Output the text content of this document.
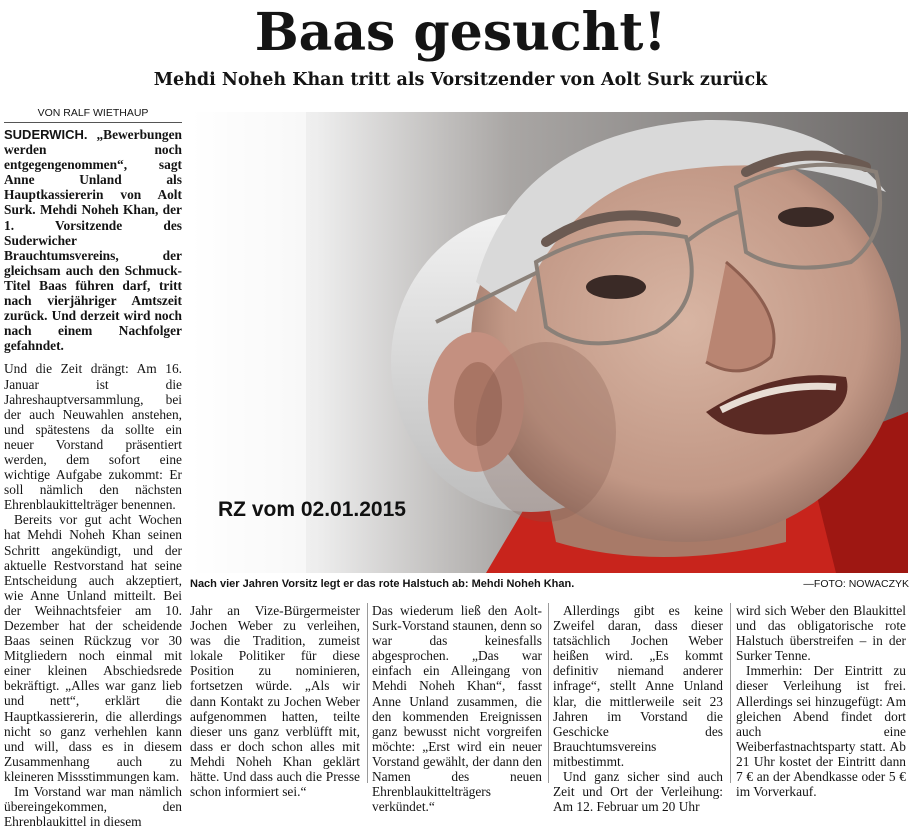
Baas gesucht!
Mehdi Noheh Khan tritt als Vorsitzender von Aolt Surk zurück
VON RALF WIETHAUP

SUDERWICH. „Bewerbungen werden noch entgegengenommen“, sagt Anne Unland als Hauptkassiererin von Aolt Surk. Mehdi Noheh Khan, der 1. Vorsitzende des Suderwicher Brauchtumsvereins, der gleichsam auch den Schmuck-Titel Baas führen darf, tritt nach vierjähriger Amtszeit zurück. Und derzeit wird noch nach einem Nachfolger gefahndet.

Und die Zeit drängt: Am 16. Januar ist die Jahreshauptversammlung, bei der auch Neuwahlen anstehen, und spätestens da sollte ein neuer Vorstand präsentiert werden, dem sofort eine wichtige Aufgabe zukommt: Er soll nämlich den nächsten Ehrenblaukittelträger benennen.

Bereits vor gut acht Wochen hat Mehdi Noheh Khan seinen Schritt angekündigt, und der aktuelle Restvorstand hat seine Entscheidung auch akzeptiert, wie Anne Unland mitteilt. Bei der Weihnachtsfeier am 10. Dezember hat der scheidende Baas seinen Rückzug vor 30 Mitgliedern noch einmal mit einer kleinen Abschiedsrede bekräftigt. „Alles war ganz lieb und nett“, erklärt die Hauptkassiererin, die allerdings nicht so ganz verhehlen kann und will, dass es in diesem Zusammenhang auch zu kleineren Missstimmungen kam.

Im Vorstand war man nämlich übereingekommen, den Ehrenblaukittel in diesem

RZ vom 02.01.2015
Nach vier Jahren Vorsitz legt er das rote Halstuch ab: Mehdi Noheh Khan.	—FOTO: NOWACZYK

Jahr an Vize-Bürgermeister Jochen Weber zu verleihen, was die Tradition, zumeist lokale Politiker für diese Position zu nominieren, fortsetzen würde. „Als wir dann Kontakt zu Jochen Weber aufgenommen hatten, teilte dieser uns ganz verblüfft mit, dass er doch schon alles mit Mehdi Noheh Khan geklärt hätte. Und dass auch die Presse schon informiert sei.“

Das wiederum ließ den Aolt-Surk-Vorstand staunen, denn so war das keinesfalls abgesprochen. „Das war einfach ein Alleingang von Mehdi Noheh Khan“, fasst Anne Unland zusammen, die den kommenden Ereignissen ganz bewusst nicht vorgreifen möchte: „Erst wird ein neuer Vorstand gewählt, der dann den Namen des neuen Ehrenblaukittelträgers verkündet.“

Allerdings gibt es keine Zweifel daran, dass dieser tatsächlich Jochen Weber heißen wird. „Es kommt definitiv niemand anderer infrage“, stellt Anne Unland klar, die mittlerweile seit 23 Jahren im Vorstand die Geschicke des Brauchtumsvereins mitbestimmt.

Und ganz sicher sind auch Zeit und Ort der Verleihung: Am 12. Februar um 20 Uhr

wird sich Weber den Blaukittel und das obligatorische rote Halstuch überstreifen – in der Surker Tenne.

Immerhin: Der Eintritt zu dieser Verleihung ist frei. Allerdings sei hinzugefügt: Am gleichen Abend findet dort auch eine Weiberfastnachtsparty statt. Ab 21 Uhr kostet der Eintritt dann 7 € an der Abendkasse oder 5 € im Vorverkauf.
